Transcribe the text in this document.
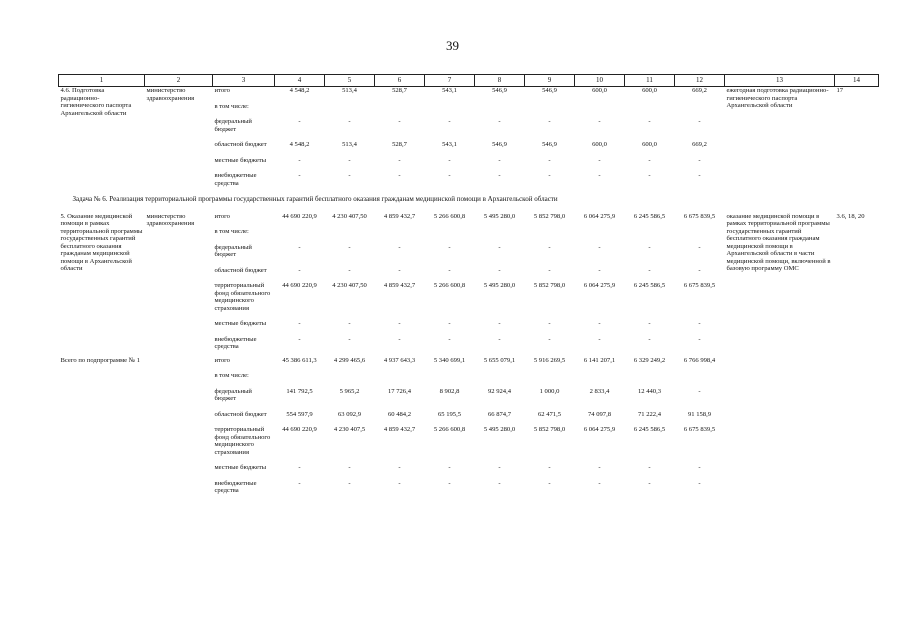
39
1	2	3	4	5	6	7	8	9	10	11	12	13	14
4.6. Подготовка радиационно-гигиенического паспорта Архангельской области	министерство здравоохранения	итого	4 548,2	513,4	528,7	543,1	546,9	546,9	600,0	600,0	669,2	ежегодная подготовка радиационно-гигиенического паспорта Архангельской области	17
		в том числе:											
		федеральный бюджет	-	-	-	-	-	-	-	-	-		
		областной бюджет	4 548,2	513,4	528,7	543,1	546,9	546,9	600,0	600,0	669,2		
		местные бюджеты	-	-	-	-	-	-	-	-	-		
		внебюджетные средства	-	-	-	-	-	-	-	-	-		
Задача № 6. Реализация территориальной программы государственных гарантий бесплатного оказания гражданам медицинской помощи в Архангельской области													
5. Оказание медицинской помощи в рамках территориальной программы государственных гарантий бесплатного оказания гражданам медицинской помощи в Архангельской области	министерство здравоохранения	итого	44 690 220,9	4 230 407,50	4 859 432,7	5 266 600,8	5 495 280,0	5 852 798,0	6 064 275,9	6 245 586,5	6 675 839,5	оказание медицинской помощи в рамках территориальной программы государственных гарантий бесплатного оказания гражданам медицинской помощи в Архангельской области в части медицинской помощи, включенной в базовую программу ОМС	3.6, 18, 20
		в том числе:											
		федеральный бюджет	-	-	-	-	-	-	-	-	-		
		областной бюджет	-	-	-	-	-	-	-	-	-		
		территориальный фонд обязательного медицинского страхования	44 690 220,9	4 230 407,50	4 859 432,7	5 266 600,8	5 495 280,0	5 852 798,0	6 064 275,9	6 245 586,5	6 675 839,5		
		местные бюджеты	-	-	-	-	-	-	-	-	-		
		внебюджетные средства	-	-	-	-	-	-	-	-	-		

Всего по подпрограмме № 1		итого	45 386 611,3	4 299 465,6	4 937 643,3	5 340 699,1	5 655 079,1	5 916 269,5	6 141 207,1	6 329 249,2	6 766 998,4		
		в том числе:											
		федеральный бюджет	141 792,5	5 965,2	17 726,4	8 902,8	92 924,4	1 000,0	2 833,4	12 440,3	-		
		областной бюджет	554 597,9	63 092,9	60 484,2	65 195,5	66 874,7	62 471,5	74 097,8	71 222,4	91 158,9		
		территориальный фонд обязательного медицинского страхования	44 690 220,9	4 230 407,5	4 859 432,7	5 266 600,8	5 495 280,0	5 852 798,0	6 064 275,9	6 245 586,5	6 675 839,5		
		местные бюджеты	-	-	-	-	-	-	-	-	-		
		внебюджетные средства	-	-	-	-	-	-	-	-	-		
